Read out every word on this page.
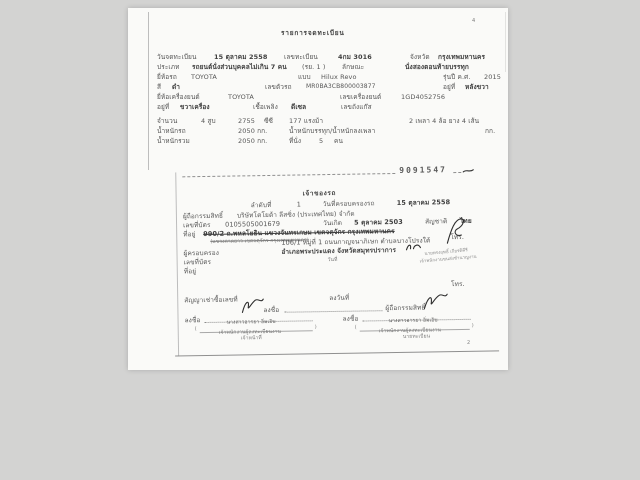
4
รายการจดทะเบียน
วันจดทะเบียน	15 ตุลาคม 2558	เลขทะเบียน	4กม 3016	จังหวัด กรุงเทพมหานคร
ประเภท รถยนต์นั่งส่วนบุคคลไม่เกิน 7 คน (รย. 1 )	ลักษณะ	นั่งสองตอนท้ายบรรทุก
ยี่ห้อรถ TOYOTA	แบบ Hilux Revo	รุ่นปี ค.ศ. 2015
สี ดำ	เลขตัวรถ MR0BA3CB800003877	อยู่ที่ หลังขวา
ยี่ห้อเครื่องยนต์	TOYOTA	เลขเครื่องยนต์	1GD4052756
อยู่ที่ ขวาเครื่อง	เชื้อเพลิง ดีเซล	เลขถังแก๊ส
จำนวน	4 สูบ	2755 ซีซี 177 แรงม้า	2 เพลา 4 ล้อ ยาง 4 เส้น
น้ำหนักรถ	2050 กก.	น้ำหนักบรรทุก/น้ำหนักลงเพลา	กก.
น้ำหนักรวม	2050 กก.	ที่นั่ง	5 คน
9091547
เจ้าของรถ
ลำดับที่	1	วันที่ครอบครองรถ	15 ตุลาคม 2558
ผู้ถือกรรมสิทธิ์ บริษัทโตโยต้า ลีสซิ่ง (ประเทศไทย) จำกัด
เลขที่บัตร 0105505001679	วันเกิด 5 ตุลาคม 2503	สัญชาติ ไทย
ที่อยู่ 990/2 ถ.พหลโยธิน แขวงจันทรเกษม เขตจตุจักร กรุงเทพมหานคร
(แขวงลาดยาว เขตจตุจักร กรุงเทพมหานคร)
106/1 หมู่ที่ 1 ถนนกาญจนาภิเษก ตำบลบางโปรงใต้	โทร.
ผู้ครอบครอง	อำเภอพระประแดง จังหวัดสมุทรปราการ
เลขที่บัตร	วันที่
ที่อยู่
นายทรงฤทธิ์ เกียรติคีรี
เจ้าพนักงานขนส่งชำนาญงาน
โทร.
สัญญาเช่าซื้อเลขที่	ลงวันที่
ลงชื่อ	ผู้ถือกรรมสิทธิ์
ลงชื่อ	นางสาวอารยา อิ่มเอิบ
(	)
เจ้าพนักงานผู้ลงทะเบียนงาน
เจ้าหน้าที่
ลงชื่อ	นางสาวอารยา อิ่มเอิบ
(	)
เจ้าพนักงานผู้ลงทะเบียนงาน
นายทะเบียน
2
